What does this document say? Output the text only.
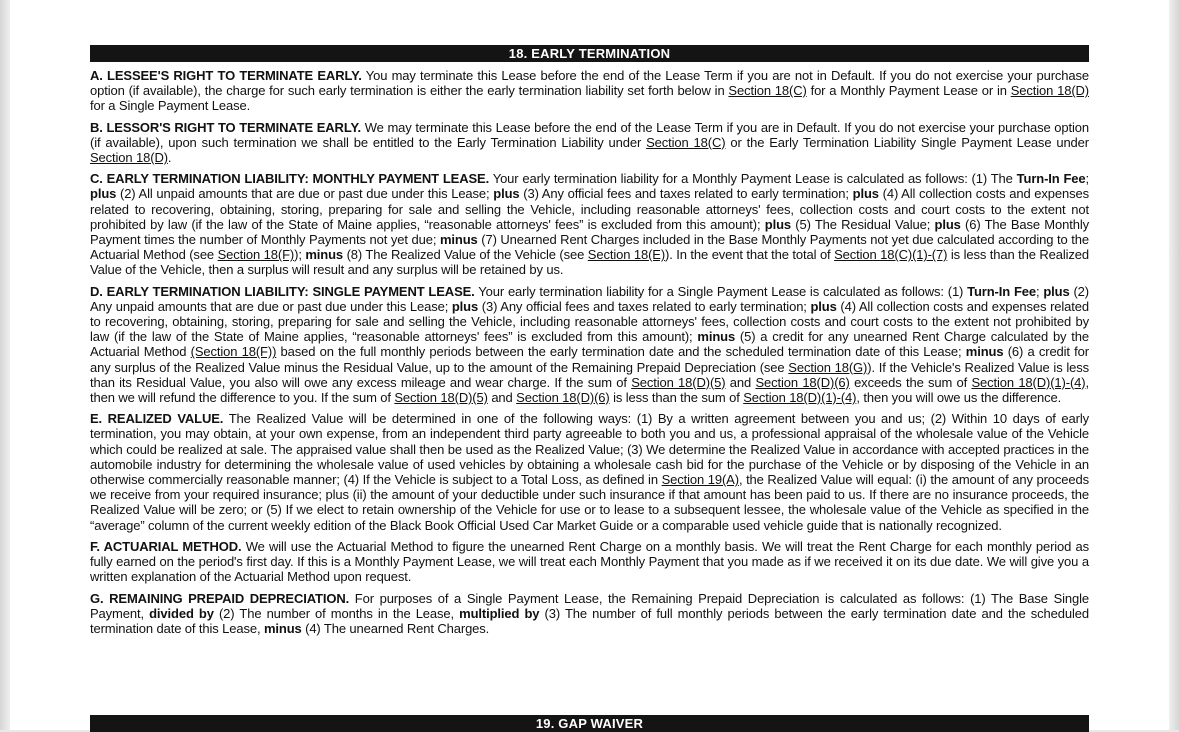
18. EARLY TERMINATION

A. LESSEE'S RIGHT TO TERMINATE EARLY. You may terminate this Lease before the end of the Lease Term if you are not in Default. If you do not exercise your purchase option (if available), the charge for such early termination is either the early termination liability set forth below in Section 18(C) for a Monthly Payment Lease or in Section 18(D) for a Single Payment Lease.

B. LESSOR'S RIGHT TO TERMINATE EARLY. We may terminate this Lease before the end of the Lease Term if you are in Default. If you do not exercise your purchase option (if available), upon such termination we shall be entitled to the Early Termination Liability under Section 18(C) or the Early Termination Liability Single Payment Lease under Section 18(D).

C. EARLY TERMINATION LIABILITY: MONTHLY PAYMENT LEASE. Your early termination liability for a Monthly Payment Lease is calculated as follows: (1) The Turn-In Fee; plus (2) All unpaid amounts that are due or past due under this Lease; plus (3) Any official fees and taxes related to early termination; plus (4) All collection costs and expenses related to recovering, obtaining, storing, preparing for sale and selling the Vehicle, including reasonable attorneys' fees, collection costs and court costs to the extent not prohibited by law (if the law of the State of Maine applies, “reasonable attorneys' fees” is excluded from this amount); plus (5) The Residual Value; plus (6) The Base Monthly Payment times the number of Monthly Payments not yet due; minus (7) Unearned Rent Charges included in the Base Monthly Payments not yet due calculated according to the Actuarial Method (see Section 18(F)); minus (8) The Realized Value of the Vehicle (see Section 18(E)). In the event that the total of Section 18(C)(1)-(7) is less than the Realized Value of the Vehicle, then a surplus will result and any surplus will be retained by us.

D. EARLY TERMINATION LIABILITY: SINGLE PAYMENT LEASE. Your early termination liability for a Single Payment Lease is calculated as follows: (1) Turn-In Fee; plus (2) Any unpaid amounts that are due or past due under this Lease; plus (3) Any official fees and taxes related to early termination; plus (4) All collection costs and expenses related to recovering, obtaining, storing, preparing for sale and selling the Vehicle, including reasonable attorneys' fees, collection costs and court costs to the extent not prohibited by law (if the law of the State of Maine applies, “reasonable attorneys' fees” is excluded from this amount); minus (5) a credit for any unearned Rent Charge calculated by the Actuarial Method (Section 18(F)) based on the full monthly periods between the early termination date and the scheduled termination date of this Lease; minus (6) a credit for any surplus of the Realized Value minus the Residual Value, up to the amount of the Remaining Prepaid Depreciation (see Section 18(G)). If the Vehicle's Realized Value is less than its Residual Value, you also will owe any excess mileage and wear charge. If the sum of Section 18(D)(5) and Section 18(D)(6) exceeds the sum of Section 18(D)(1)-(4), then we will refund the difference to you. If the sum of Section 18(D)(5) and Section 18(D)(6) is less than the sum of Section 18(D)(1)-(4), then you will owe us the difference.

E. REALIZED VALUE. The Realized Value will be determined in one of the following ways: (1) By a written agreement between you and us; (2) Within 10 days of early termination, you may obtain, at your own expense, from an independent third party agreeable to both you and us, a professional appraisal of the wholesale value of the Vehicle which could be realized at sale. The appraised value shall then be used as the Realized Value; (3) We determine the Realized Value in accordance with accepted practices in the automobile industry for determining the wholesale value of used vehicles by obtaining a wholesale cash bid for the purchase of the Vehicle or by disposing of the Vehicle in an otherwise commercially reasonable manner; (4) If the Vehicle is subject to a Total Loss, as defined in Section 19(A), the Realized Value will equal: (i) the amount of any proceeds we receive from your required insurance; plus (ii) the amount of your deductible under such insurance if that amount has been paid to us. If there are no insurance proceeds, the Realized Value will be zero; or (5) If we elect to retain ownership of the Vehicle for use or to lease to a subsequent lessee, the wholesale value of the Vehicle as specified in the “average” column of the current weekly edition of the Black Book Official Used Car Market Guide or a comparable used vehicle guide that is nationally recognized.

F. ACTUARIAL METHOD. We will use the Actuarial Method to figure the unearned Rent Charge on a monthly basis. We will treat the Rent Charge for each monthly period as fully earned on the period's first day. If this is a Monthly Payment Lease, we will treat each Monthly Payment that you made as if we received it on its due date. We will give you a written explanation of the Actuarial Method upon request.

G. REMAINING PREPAID DEPRECIATION. For purposes of a Single Payment Lease, the Remaining Prepaid Depreciation is calculated as follows: (1) The Base Single Payment, divided by (2) The number of months in the Lease, multiplied by (3) The number of full monthly periods between the early termination date and the scheduled termination date of this Lease, minus (4) The unearned Rent Charges.

19. GAP WAIVER
